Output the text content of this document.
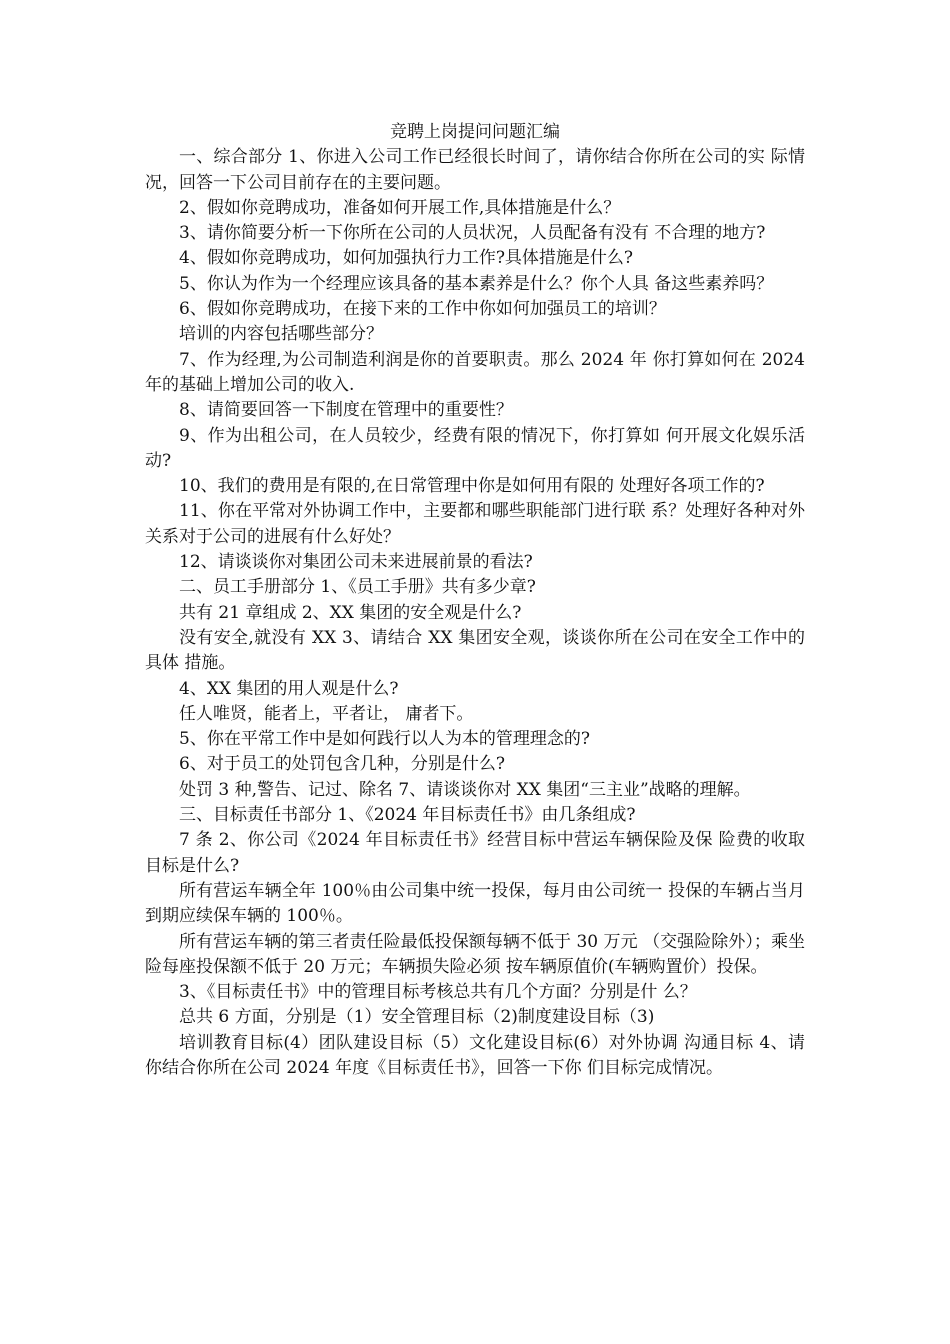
竞聘上岗提问问题汇编

一、综合部分 1、你进入公司工作已经很长时间了，请你结合你所在公司的实 际情况，回答一下公司目前存在的主要问题。

2、假如你竞聘成功，准备如何开展工作,具体措施是什么？

3、请你简要分析一下你所在公司的人员状况，人员配备有没有 不合理的地方?

4、假如你竞聘成功，如何加强执行力工作?具体措施是什么?

5、你认为作为一个经理应该具备的基本素养是什么？你个人具 备这些素养吗？

6、假如你竞聘成功，在接下来的工作中你如何加强员工的培训？

培训的内容包括哪些部分？

7、作为经理,为公司制造利润是你的首要职责。那么 2024 年 你打算如何在 2024 年的基础上增加公司的收入.

8、请简要回答一下制度在管理中的重要性？

9、作为出租公司，在人员较少，经费有限的情况下，你打算如 何开展文化娱乐活动?

10、我们的费用是有限的,在日常管理中你是如何用有限的 处理好各项工作的?

11、你在平常对外协调工作中，主要都和哪些职能部门进行联 系？处理好各种对外关系对于公司的进展有什么好处？

12、请谈谈你对集团公司未来进展前景的看法?

二、员工手册部分 1、《员工手册》共有多少章?

共有 21 章组成 2、XX 集团的安全观是什么?

没有安全,就没有 XX 3、请结合 XX 集团安全观，谈谈你所在公司在安全工作中的具体 措施。

4、XX 集团的用人观是什么?

任人唯贤，能者上，平者让， 庸者下。

5、你在平常工作中是如何践行以人为本的管理理念的?

6、对于员工的处罚包含几种，分别是什么?

处罚 3 种,警告、记过、除名 7、请谈谈你对 XX 集团“三主业”战略的理解。

三、目标责任书部分 1、《2024 年目标责任书》由几条组成?

7 条 2、你公司《2024 年目标责任书》经营目标中营运车辆保险及保 险费的收取目标是什么?

所有营运车辆全年 100％由公司集中统一投保，每月由公司统一 投保的车辆占当月到期应续保车辆的 100％。

所有营运车辆的第三者责任险最低投保额每辆不低于 30 万元 （交强险除外）；乘坐险每座投保额不低于 20 万元；车辆损失险必须 按车辆原值价(车辆购置价）投保。

3、《目标责任书》中的管理目标考核总共有几个方面？分别是什 么？

总共 6 方面，分别是（1）安全管理目标（2)制度建设目标（3)

培训教育目标(4）团队建设目标（5）文化建设目标(6）对外协调 沟通目标 4、请你结合你所在公司 2024 年度《目标责任书》，回答一下你 们目标完成情况。
